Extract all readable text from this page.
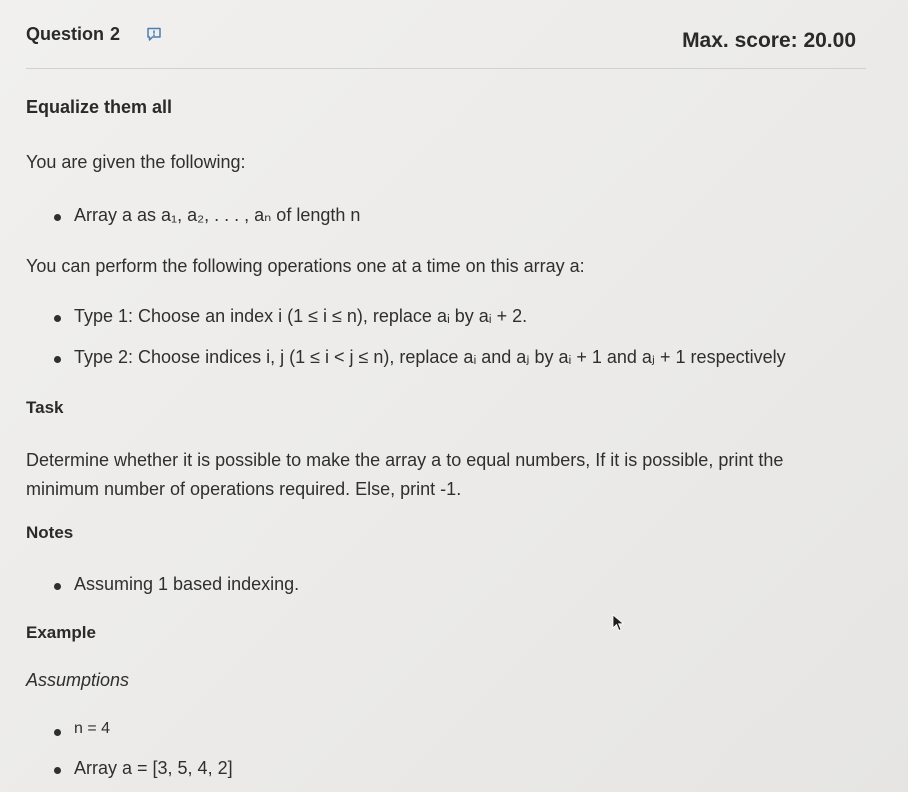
Question 2	Max. score: 20.00
Equalize them all
You are given the following:
Array a as a₁, a₂, . . . , aₙ of length n
You can perform the following operations one at a time on this array a:
Type 1: Choose an index i (1 ≤ i ≤ n), replace aᵢ by aᵢ + 2.
Type 2: Choose indices i, j (1 ≤ i < j ≤ n), replace aᵢ and aⱼ by aᵢ + 1 and aⱼ + 1 respectively
Task
Determine whether it is possible to make the array a to equal numbers, If it is possible, print the
minimum number of operations required. Else, print -1.
Notes
Assuming 1 based indexing.
Example
Assumptions
n = 4
Array a = [3, 5, 4, 2]
